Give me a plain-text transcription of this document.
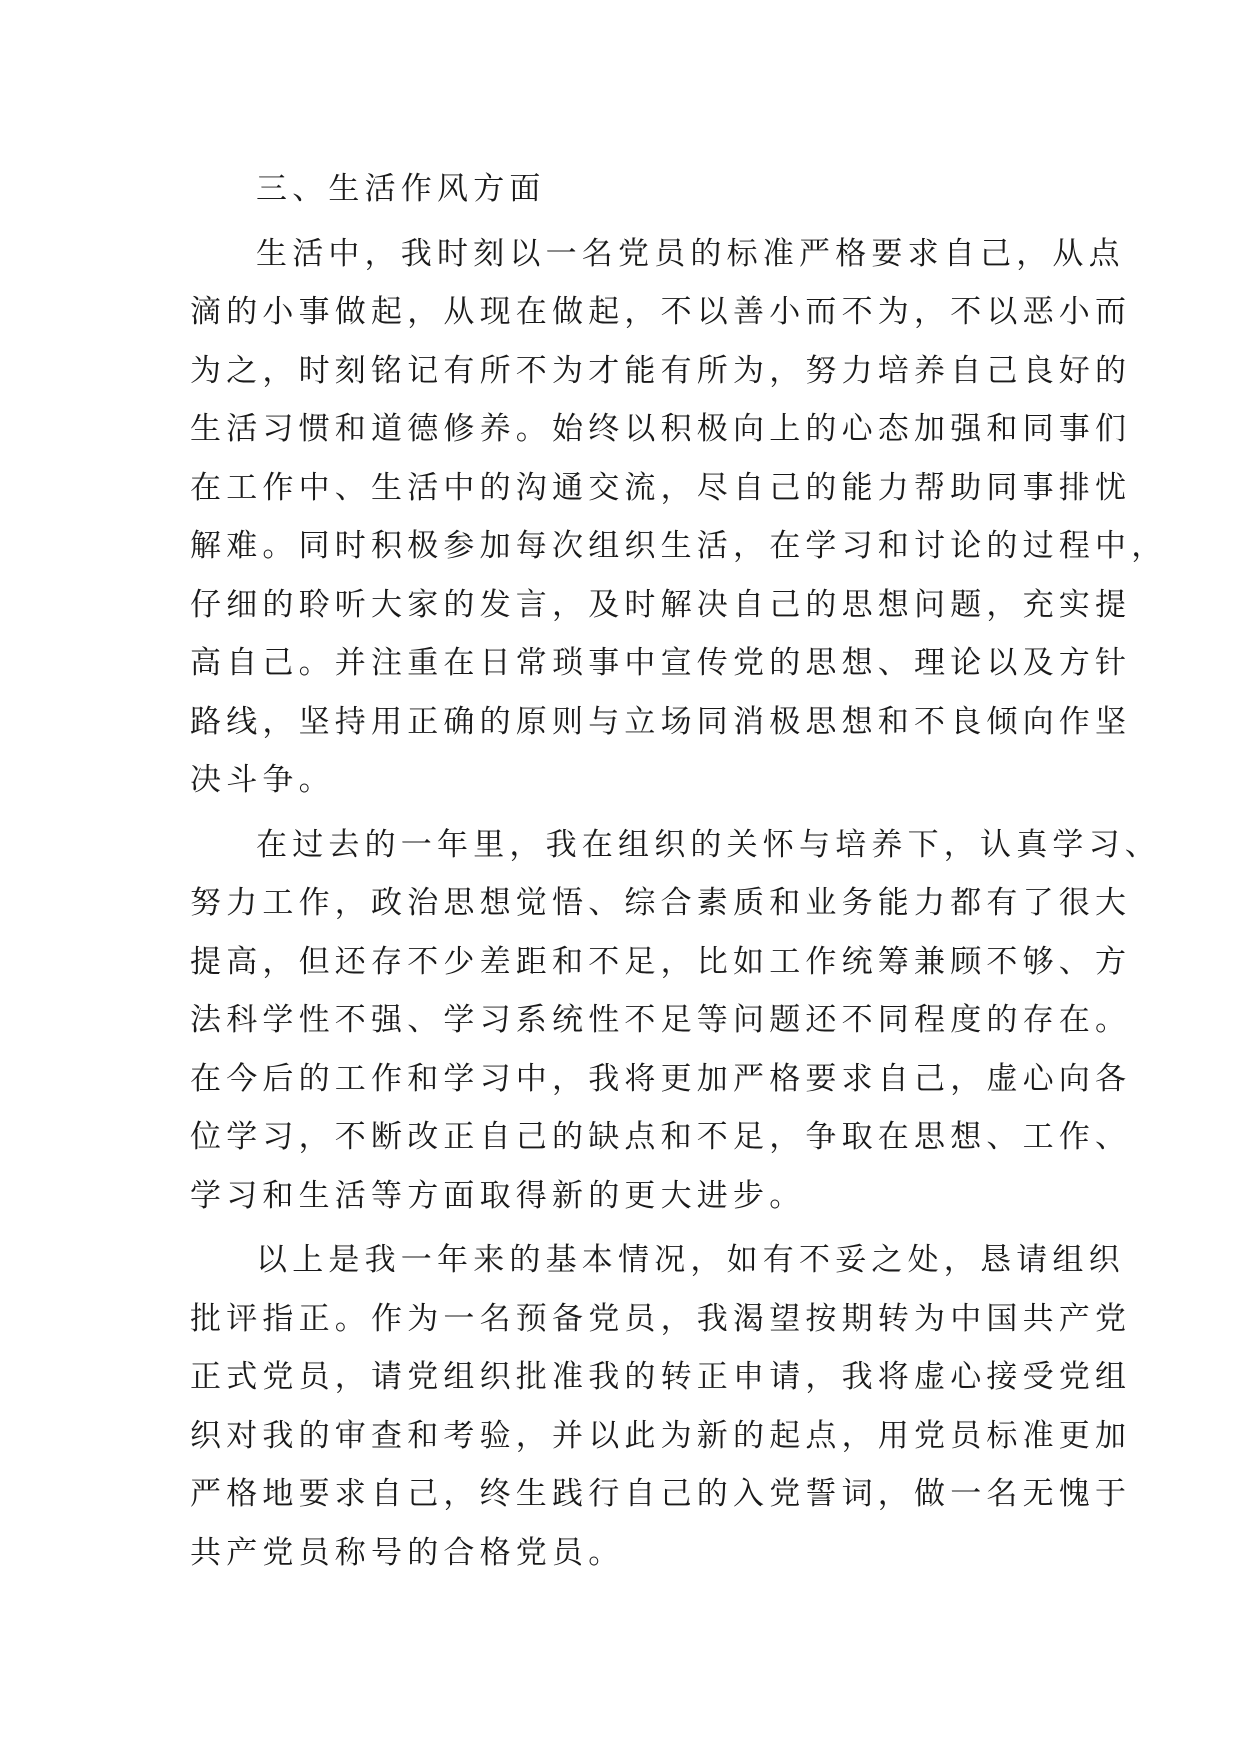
三、生活作风方面

生活中，我时刻以一名党员的标准严格要求自己，从点
滴的小事做起，从现在做起，不以善小而不为，不以恶小而
为之，时刻铭记有所不为才能有所为，努力培养自己良好的
生活习惯和道德修养。始终以积极向上的心态加强和同事们
在工作中、生活中的沟通交流，尽自己的能力帮助同事排忧
解难。同时积极参加每次组织生活，在学习和讨论的过程中，
仔细的聆听大家的发言，及时解决自己的思想问题，充实提
高自己。并注重在日常琐事中宣传党的思想、理论以及方针
路线，坚持用正确的原则与立场同消极思想和不良倾向作坚
决斗争。

在过去的一年里，我在组织的关怀与培养下，认真学习、
努力工作，政治思想觉悟、综合素质和业务能力都有了很大
提高，但还存不少差距和不足，比如工作统筹兼顾不够、方
法科学性不强、学习系统性不足等问题还不同程度的存在。
在今后的工作和学习中，我将更加严格要求自己，虚心向各
位学习，不断改正自己的缺点和不足，争取在思想、工作、
学习和生活等方面取得新的更大进步。

以上是我一年来的基本情况，如有不妥之处，恳请组织
批评指正。作为一名预备党员，我渴望按期转为中国共产党
正式党员，请党组织批准我的转正申请，我将虚心接受党组
织对我的审查和考验，并以此为新的起点，用党员标准更加
严格地要求自己，终生践行自己的入党誓词，做一名无愧于
共产党员称号的合格党员。
